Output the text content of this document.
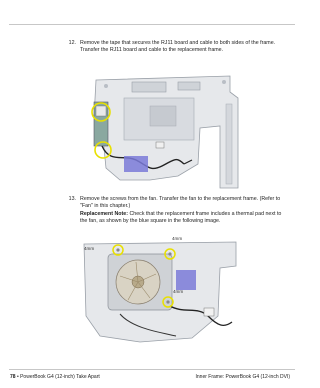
12. Remove the tape that secures the RJ11 board and cable to both sides of the frame. Transfer the RJ11 board and cable to the replacement frame.
13. Remove the screws from the fan. Transfer the fan to the replacement frame. (Refer to "Fan" in this chapter.)
Replacement Note: Check that the replacement frame includes a thermal pad next to the fan, as shown by the blue square in the following image.
4mm
4mm
4mm
78 • PowerBook G4 (12-inch) Take Apart	Inner Frame: PowerBook G4 (12-inch DVI)
